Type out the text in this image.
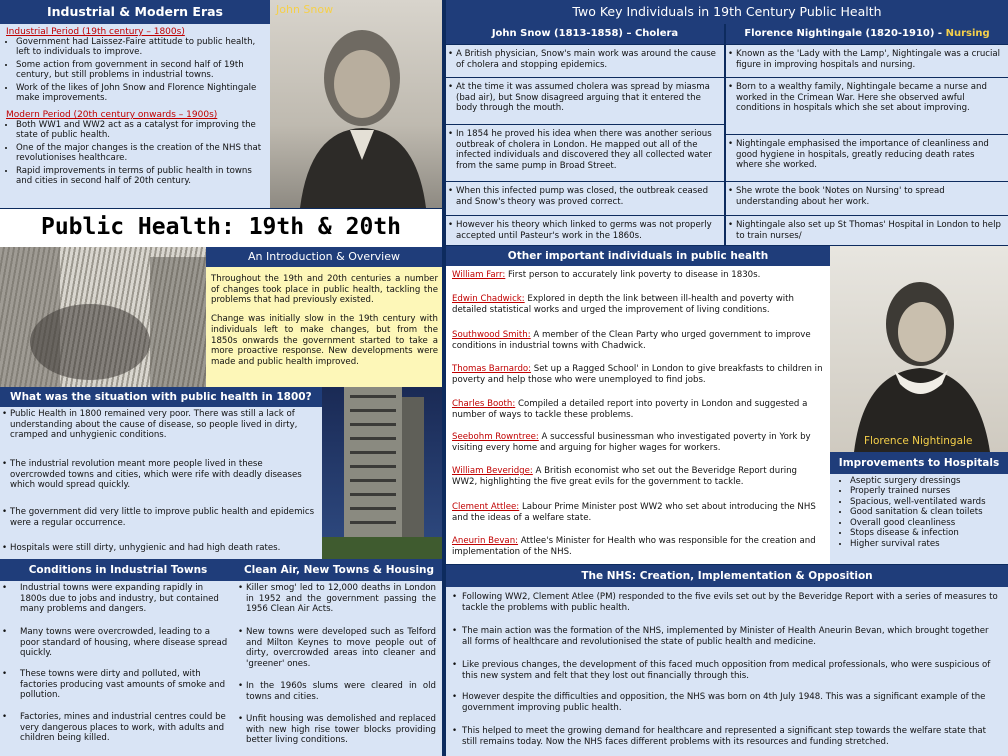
Industrial & Modern Eras
Industrial Period (19th century – 1800s)
• Government had Laissez-Faire attitude to public health, left to individuals to improve.
• Some action from government in second half of 19th century, but still problems in industrial towns.
• Work of the likes of John Snow and Florence Nightingale make improvements.
Modern Period (20th century onwards – 1900s)
• Both WW1 and WW2 act as a catalyst for improving the state of public health.
• One of the major changes is the creation of the NHS that revolutionises healthcare.
• Rapid improvements in terms of public health in towns and cities in second half of 20th century.
John Snow
Public Health: 19th & 20th
An Introduction & Overview
Throughout the 19th and 20th centuries a number of changes took place in public health, tackling the problems that had previously existed.
Change was initially slow in the 19th century with individuals left to make changes, but from the 1850s onwards the government started to take a more proactive response. New developments were made and public health improved.
What was the situation with public health in 1800?
• Public Health in 1800 remained very poor. There was still a lack of understanding about the cause of disease, so people lived in dirty, cramped and unhygienic conditions.
• The industrial revolution meant more people lived in these overcrowded towns and cities, which were rife with deadly diseases which would spread quickly.
• The government did very little to improve public health and epidemics were a regular occurrence.
• Hospitals were still dirty, unhygienic and had high death rates.
Conditions in Industrial Towns
• Industrial towns were expanding rapidly in 1800s due to jobs and industry, but contained many problems and dangers.
• Many towns were overcrowded, leading to a poor standard of housing, where disease spread quickly.
• These towns were dirty and polluted, with factories producing vast amounts of smoke and pollution.
• Factories, mines and industrial centres could be very dangerous places to work, with adults and children being killed.
Clean Air, New Towns & Housing
• Killer smog' led to 12,000 deaths in London in 1952 and the government passing the 1956 Clean Air Acts.
• New towns were developed such as Telford and Milton Keynes to move people out of dirty, overcrowded areas into cleaner and 'greener' ones.
• In the 1960s slums were cleared in old towns and cities.
• Unfit housing was demolished and replaced with new high rise tower blocks providing better living conditions.
Two Key Individuals in 19th Century Public Health
John Snow (1813-1858) – Cholera	Florence Nightingale (1820-1910) - Nursing
• A British physician, Snow's main work was around the cause of cholera and stopping epidemics.
• At the time it was assumed cholera was spread by miasma (bad air), but Snow disagreed arguing that it entered the body through the mouth.
• In 1854 he proved his idea when there was another serious outbreak of cholera in London. He mapped out all of the infected individuals and discovered they all collected water from the same pump in Broad Street.
• When this infected pump was closed, the outbreak ceased and Snow's theory was proved correct.
• However his theory which linked to germs was not properly accepted until Pasteur's work in the 1860s.
• Known as the 'Lady with the Lamp', Nightingale was a crucial figure in improving hospitals and nursing.
• Born to a wealthy family, Nightingale became a nurse and worked in the Crimean War. Here she observed awful conditions in hospitals which she set about improving.
• Nightingale emphasised the importance of cleanliness and good hygiene in hospitals, greatly reducing death rates where she worked.
• She wrote the book 'Notes on Nursing' to spread understanding about her work.
• Nightingale also set up St Thomas' Hospital in London to help to train nurses/
Other important individuals in public health
William Farr: First person to accurately link poverty to disease in 1830s.
Edwin Chadwick: Explored in depth the link between ill-health and poverty with detailed statistical works and urged the improvement of living conditions.
Southwood Smith: A member of the Clean Party who urged government to improve conditions in industrial towns with Chadwick.
Thomas Barnardo: Set up a Ragged School' in London to give breakfasts to children in poverty and help those who were unemployed to find jobs.
Charles Booth: Compiled a detailed report into poverty in London and suggested a number of ways to tackle these problems.
Seebohm Rowntree: A successful businessman who investigated poverty in York by visiting every home and arguing for higher wages for workers.
William Beveridge: A British economist who set out the Beveridge Report during WW2, highlighting the five great evils for the government to tackle.
Clement Attlee: Labour Prime Minister post WW2 who set about introducing the NHS and the ideas of a welfare state.
Aneurin Bevan: Attlee's Minister for Health who was responsible for the creation and implementation of the NHS.
Florence Nightingale
Improvements to Hospitals
• Aseptic surgery dressings
• Properly trained nurses
• Spacious, well-ventilated wards
• Good sanitation & clean toilets
• Overall good cleanliness
• Stops disease & infection
• Higher survival rates
The NHS: Creation, Implementation & Opposition
• Following WW2, Clement Atlee (PM) responded to the five evils set out by the Beveridge Report with a series of measures to tackle the problems with public health.
• The main action was the formation of the NHS, implemented by Minister of Health Aneurin Bevan, which brought together all forms of healthcare and revolutionised the state of public health and medicine.
• Like previous changes, the development of this faced much opposition from medical professionals, who were suspicious of this new system and felt that they lost out financially through this.
• However despite the difficulties and opposition, the NHS was born on 4th July 1948. This was a significant example of the government improving public health.
• This helped to meet the growing demand for healthcare and represented a significant step towards the welfare state that still remains today. Now the NHS faces different problems with its resources and funding stretched.
